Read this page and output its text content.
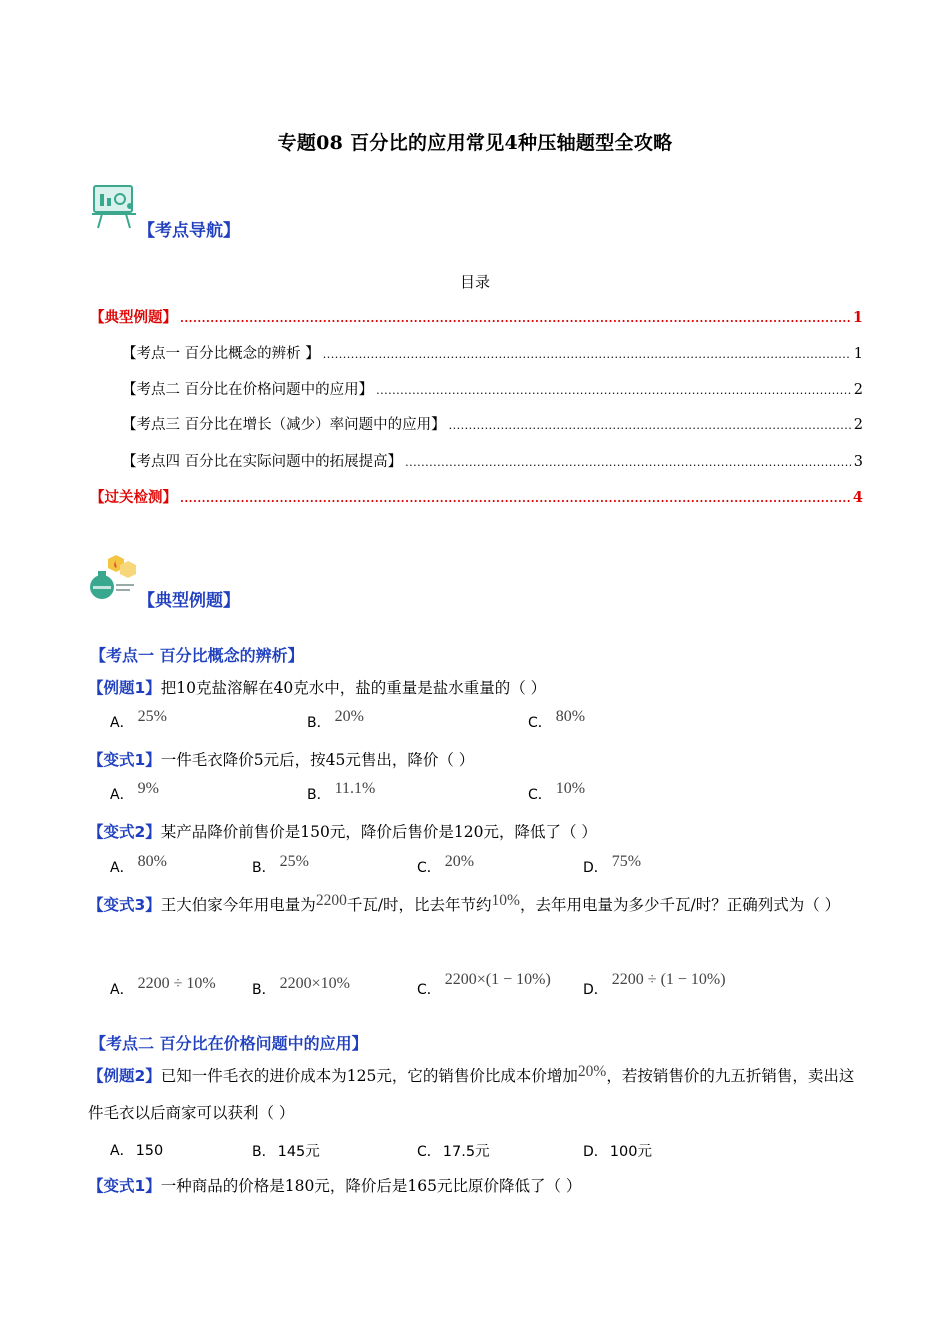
专题08 百分比的应用常见4种压轴题型全攻略
【考点导航】
目录
【典型例题】 .....	1
【考点一 百分比概念的辨析 】 .....	1
【考点二 百分比在价格问题中的应用】 .....	2
【考点三 百分比在增长（减少）率问题中的应用】 .....	2
【考点四 百分比在实际问题中的拓展提高】 .....	3
【过关检测】 .....	4
【典型例题】
【考点一 百分比概念的辨析】
【例题1】把10克盐溶解在40克水中，盐的重量是盐水重量的（ ）
A． 25%	B． 20%	C． 80%
【变式1】一件毛衣降价5元后，按45元售出，降价（ ）
A． 9%	B． 11.1%	C． 10%
【变式2】某产品降价前售价是150元，降价后售价是120元，降低了（ ）
A． 80%	B． 25%	C． 20%	D． 75%
【变式3】王大伯家今年用电量为2200千瓦/时，比去年节约10%，去年用电量为多少千瓦/时？正确列式为（ ）
A． 2200 ÷ 10%	B． 2200×10%	C．2200×(1 − 10%)
D．2200 ÷ (1 − 10%)
【考点二 百分比在价格问题中的应用】
【例题2】已知一件毛衣的进价成本为125元，它的销售价比成本价增加20%，若按销售价的九五折销售，卖出这件毛衣以后商家可以获利（ ）
A． 150	B． 145元	C． 17.5元	D． 100元
【变式1】一种商品的价格是180元，降价后是165元比原价降低了（ ）
